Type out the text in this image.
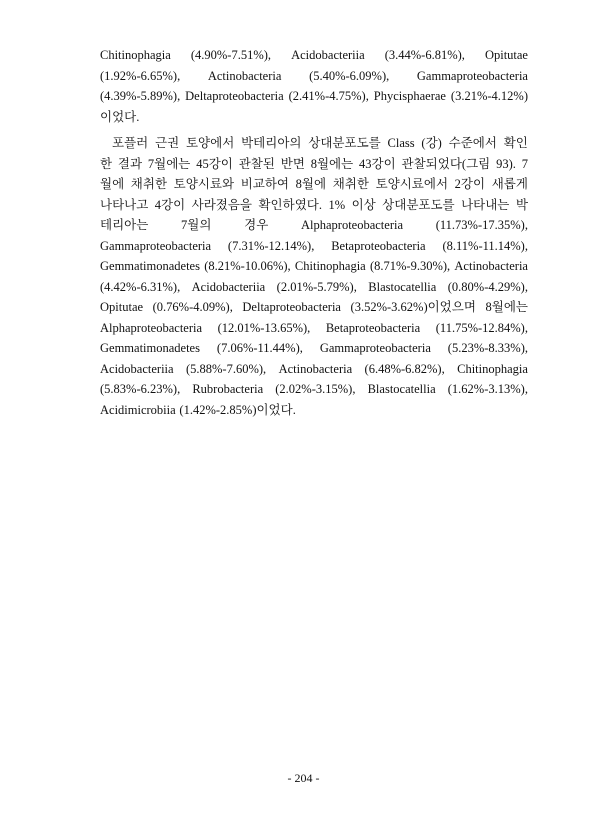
Chitinophagia (4.90%-7.51%), Acidobacteriia (3.44%-6.81%), Opitutae
(1.92%-6.65%), Actinobacteria (5.40%-6.09%), Gammaproteobacteria
(4.39%-5.89%), Deltaproteobacteria (2.41%-4.75%), Phycisphaerae (3.21%-4.12%)
이었다.
포플러 근권 토양에서 박테리아의 상대분포도를 Class (강) 수준에서 확인
한 결과 7월에는 45강이 관찰된 반면 8월에는 43강이 관찰되었다(그림 93). 7
월에 채취한 토양시료와 비교하여 8월에 채취한 토양시료에서 2강이 새롭게
나타나고 4강이 사라졌음을 확인하였다. 1% 이상 상대분포도를 나타내는 박
테리아는	7월의	경우	Alphaproteobacteria	(11.73%-17.35%),
Gammaproteobacteria (7.31%-12.14%), Betaproteobacteria (8.11%-11.14%),
Gemmatimonadetes (8.21%-10.06%), Chitinophagia (8.71%-9.30%), Actinobacteria
(4.42%-6.31%), Acidobacteriia (2.01%-5.79%), Blastocatellia (0.80%-4.29%),
Opitutae (0.76%-4.09%), Deltaproteobacteria (3.52%-3.62%)이었으며 8월에는
Alphaproteobacteria (12.01%-13.65%), Betaproteobacteria (11.75%-12.84%),
Gemmatimonadetes (7.06%-11.44%), Gammaproteobacteria (5.23%-8.33%),
Acidobacteriia (5.88%-7.60%), Actinobacteria (6.48%-6.82%), Chitinophagia
(5.83%-6.23%), Rubrobacteria (2.02%-3.15%), Blastocatellia (1.62%-3.13%),
Acidimicrobiia (1.42%-2.85%)이었다.
- 204 -
